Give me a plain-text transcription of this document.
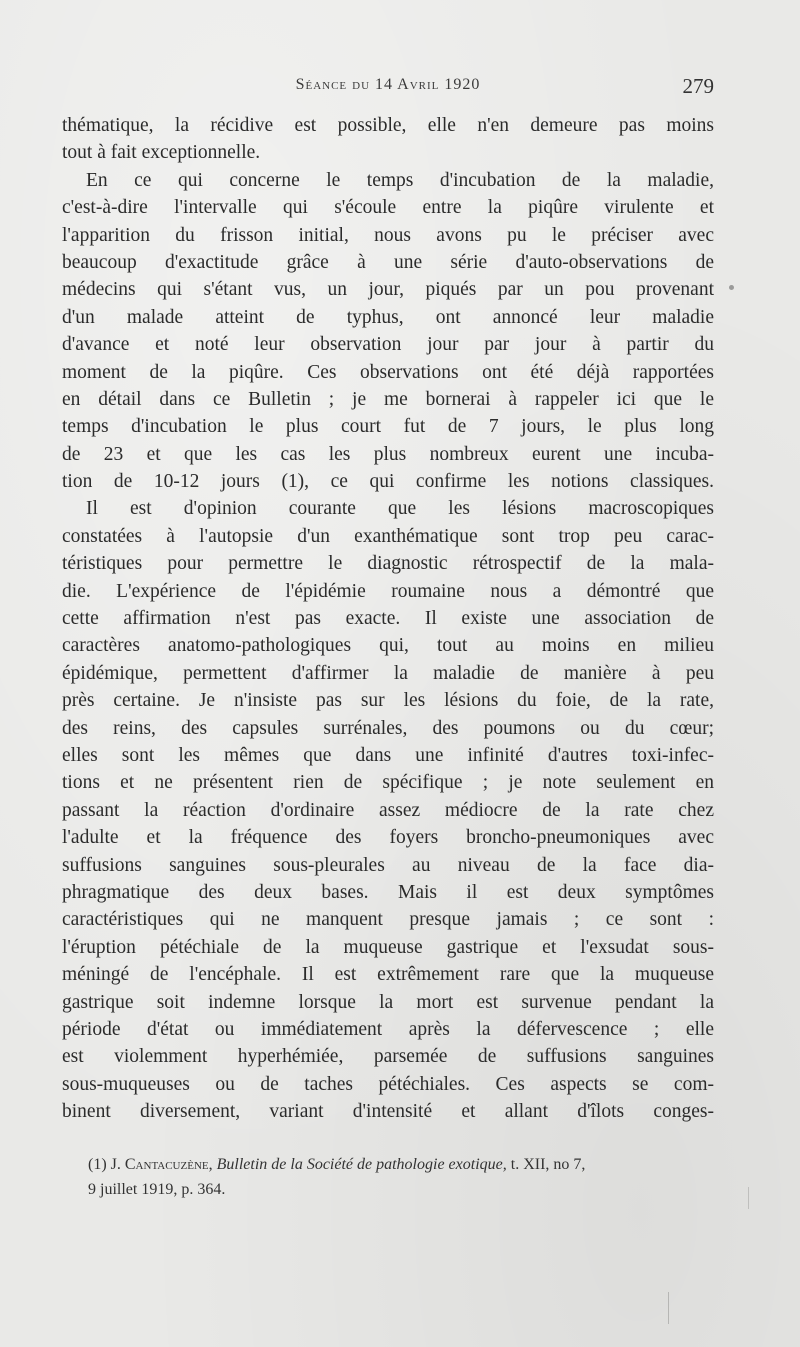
Séance du 14 Avril 1920	279
thématique, la récidive est possible, elle n'en demeure pas moins
tout à fait exceptionnelle.
En ce qui concerne le temps d'incubation de la maladie,
c'est-à-dire l'intervalle qui s'écoule entre la piqûre virulente et
l'apparition du frisson initial, nous avons pu le préciser avec
beaucoup d'exactitude grâce à une série d'auto-observations de
médecins qui s'étant vus, un jour, piqués par un pou provenant
d'un malade atteint de typhus, ont annoncé leur maladie
d'avance et noté leur observation jour par jour à partir du
moment de la piqûre. Ces observations ont été déjà rapportées
en détail dans ce Bulletin ; je me bornerai à rappeler ici que le
temps d'incubation le plus court fut de 7 jours, le plus long
de 23 et que les cas les plus nombreux eurent une incuba-
tion de 10-12 jours (1), ce qui confirme les notions classiques.
Il est d'opinion courante que les lésions macroscopiques
constatées à l'autopsie d'un exanthématique sont trop peu carac-
téristiques pour permettre le diagnostic rétrospectif de la mala-
die. L'expérience de l'épidémie roumaine nous a démontré que
cette affirmation n'est pas exacte. Il existe une association de
caractères anatomo-pathologiques qui, tout au moins en milieu
épidémique, permettent d'affirmer la maladie de manière à peu
près certaine. Je n'insiste pas sur les lésions du foie, de la rate,
des reins, des capsules surrénales, des poumons ou du cœur;
elles sont les mêmes que dans une infinité d'autres toxi-infec-
tions et ne présentent rien de spécifique ; je note seulement en
passant la réaction d'ordinaire assez médiocre de la rate chez
l'adulte et la fréquence des foyers broncho-pneumoniques avec
suffusions sanguines sous-pleurales au niveau de la face dia-
phragmatique des deux bases. Mais il est deux symptômes
caractéristiques qui ne manquent presque jamais ; ce sont :
l'éruption pétéchiale de la muqueuse gastrique et l'exsudat sous-
méningé de l'encéphale. Il est extrêmement rare que la muqueuse
gastrique soit indemne lorsque la mort est survenue pendant la
période d'état ou immédiatement après la défervescence ; elle
est violemment hyperhémiée, parsemée de suffusions sanguines
sous-muqueuses ou de taches pétéchiales. Ces aspects se com-
binent diversement, variant d'intensité et allant d'îlots conges-
(1) J. Cantacuzène, Bulletin de la Société de pathologie exotique, t. XII, no 7,
9 juillet 1919, p. 364.
